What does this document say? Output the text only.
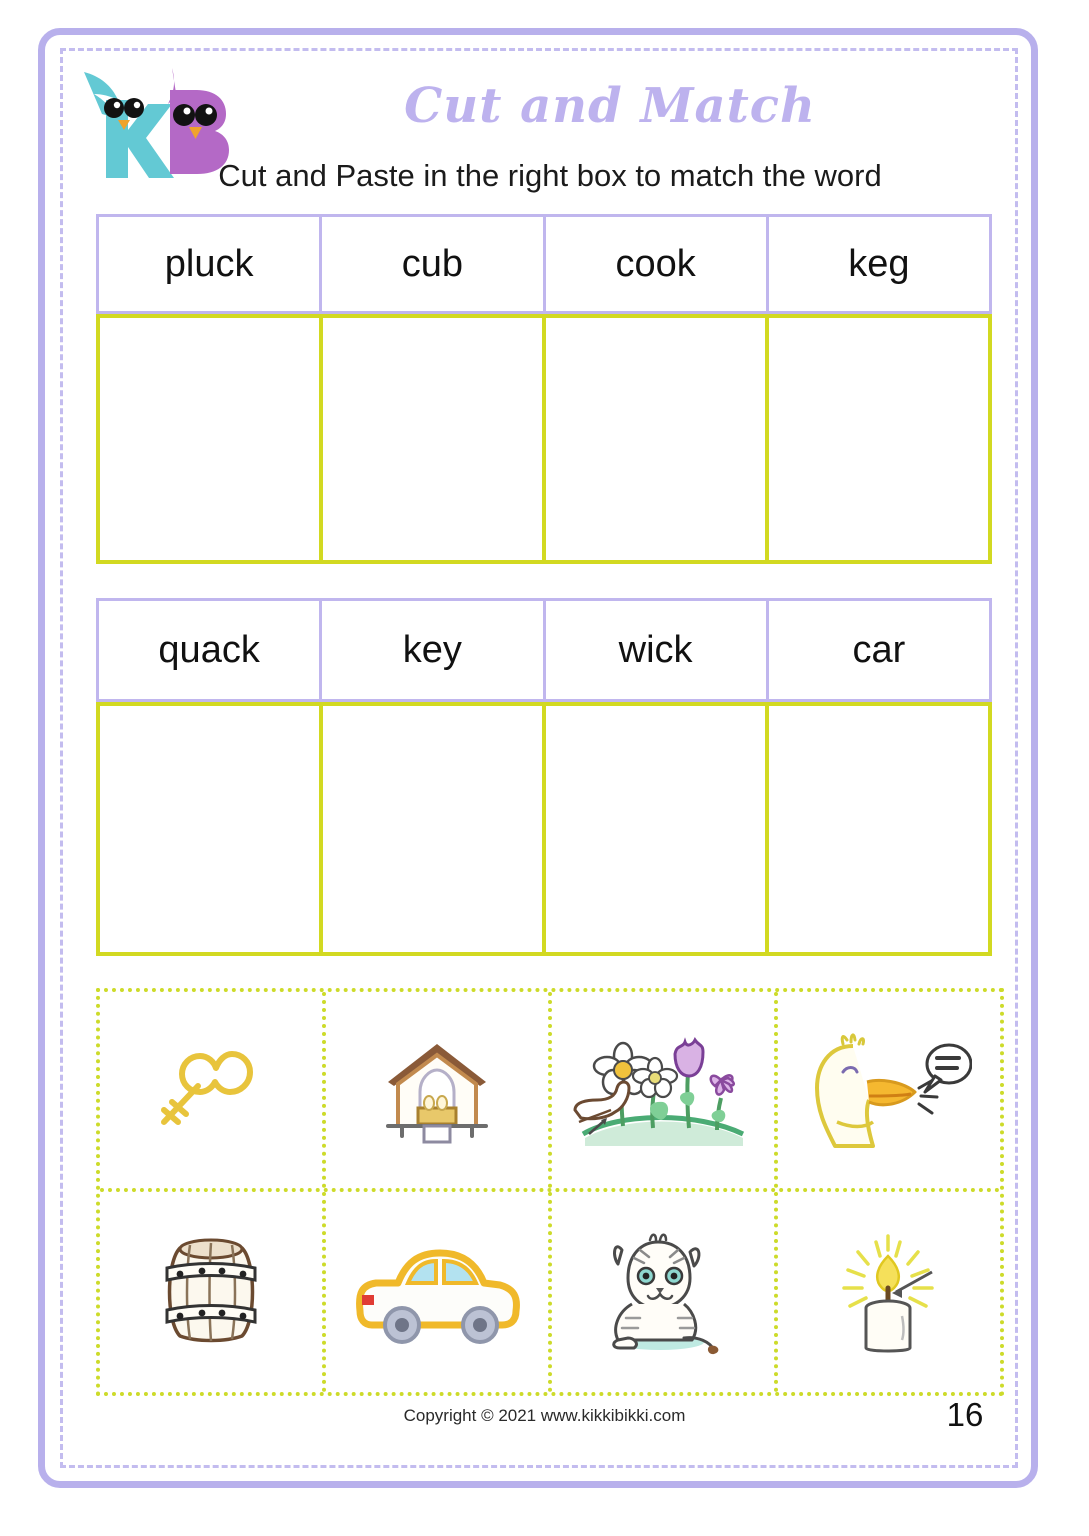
Cut and Match
Cut and Paste in the right box to match the word
pluck	cub	cook	keg
quack	key	wick	car
Copyright © 2021 www.kikkibikki.com	16
